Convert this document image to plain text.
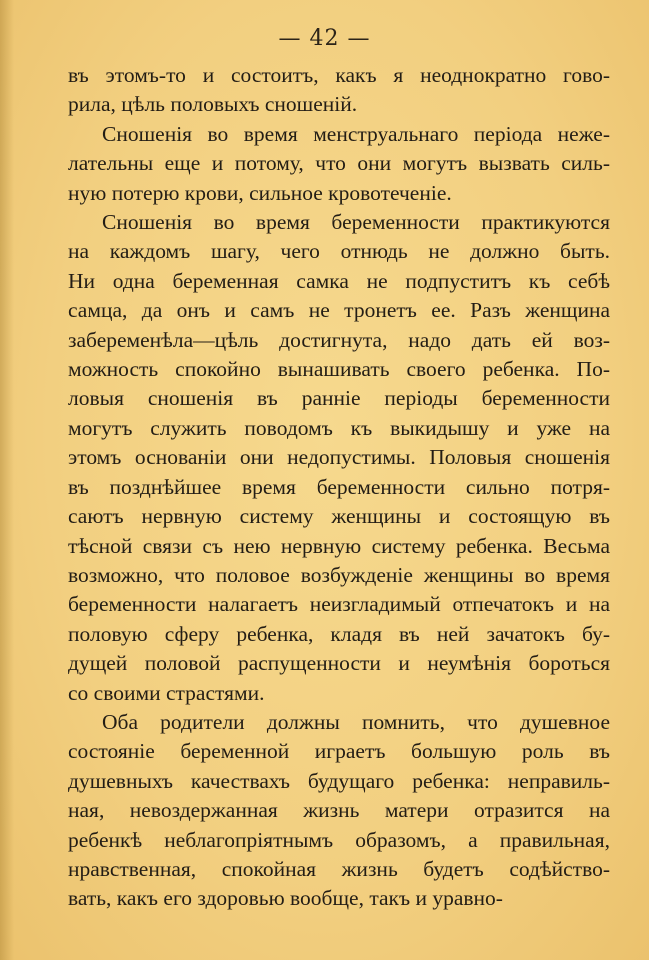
— 42 —
въ этомъ-то и состоитъ, какъ я неоднократно гово-
рила, цѣль половыхъ сношеній.
Сношенія во время менструальнаго періода неже-
лательны еще и потому, что они могутъ вызвать силь-
ную потерю крови, сильное кровотеченіе.
Сношенія во время беременности практикуются
на каждомъ шагу, чего отнюдь не должно быть.
Ни одна беременная самка не подпуститъ къ себѣ
самца, да онъ и самъ не тронетъ ее. Разъ женщина
забеременѣла—цѣль достигнута, надо дать ей воз-
можность спокойно вынашивать своего ребенка. По-
ловыя сношенія въ ранніе періоды беременности
могутъ служить поводомъ къ выкидышу и уже на
этомъ основаніи они недопустимы. Половыя сношенія
въ позднѣйшее время беременности сильно потря-
саютъ нервную систему женщины и состоящую въ
тѣсной связи съ нею нервную систему ребенка. Весьма
возможно, что половое возбужденіе женщины во время
беременности налагаетъ неизгладимый отпечатокъ и на
половую сферу ребенка, кладя въ ней зачатокъ бу-
дущей половой распущенности и неумѣнія бороться
со своими страстями.
Оба родители должны помнить, что душевное
состояніе беременной играетъ большую роль въ
душевныхъ качествахъ будущаго ребенка: неправиль-
ная, невоздержанная жизнь матери отразится на
ребенкѣ неблагопріятнымъ образомъ, а правильная,
нравственная, спокойная жизнь будетъ содѣйство-
вать, какъ его здоровью вообще, такъ и уравно-
